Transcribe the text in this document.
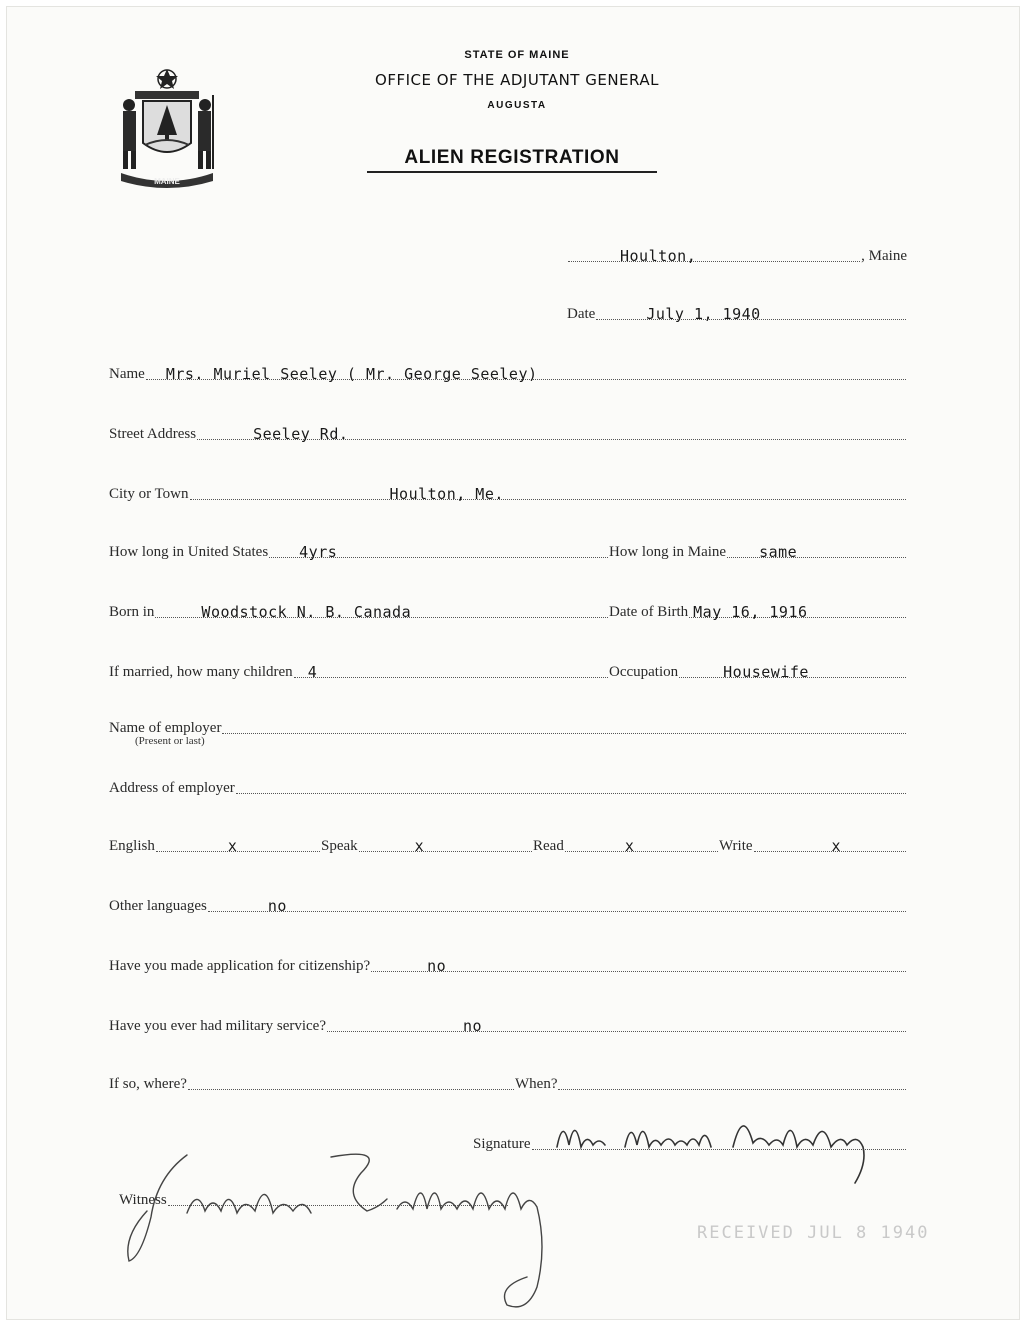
MAINE
STATE OF MAINE
OFFICE OF THE ADJUTANT GENERAL
AUGUSTA
ALIEN REGISTRATION
Houlton,	, Maine
Date	July 1, 1940
Name Mrs. Muriel Seeley ( Mr. George Seeley)
Street Address	Seeley Rd.
City or Town	Houlton, Me.
How long in United States 4yrs	How long in Maine same
Born in	Woodstock N. B. Canada	Date of Birth May 16, 1916
If married, how many children 4	Occupation	Housewife
Name of employer
(Present or last)
Address of employer
English	x	Speak	x	Read	x	Write	x
Other languages	no
Have you made application for citizenship?	no
Have you ever had military service?	no
If so, where?	When?
Signature
Witness
RECEIVED JUL 8 1940
